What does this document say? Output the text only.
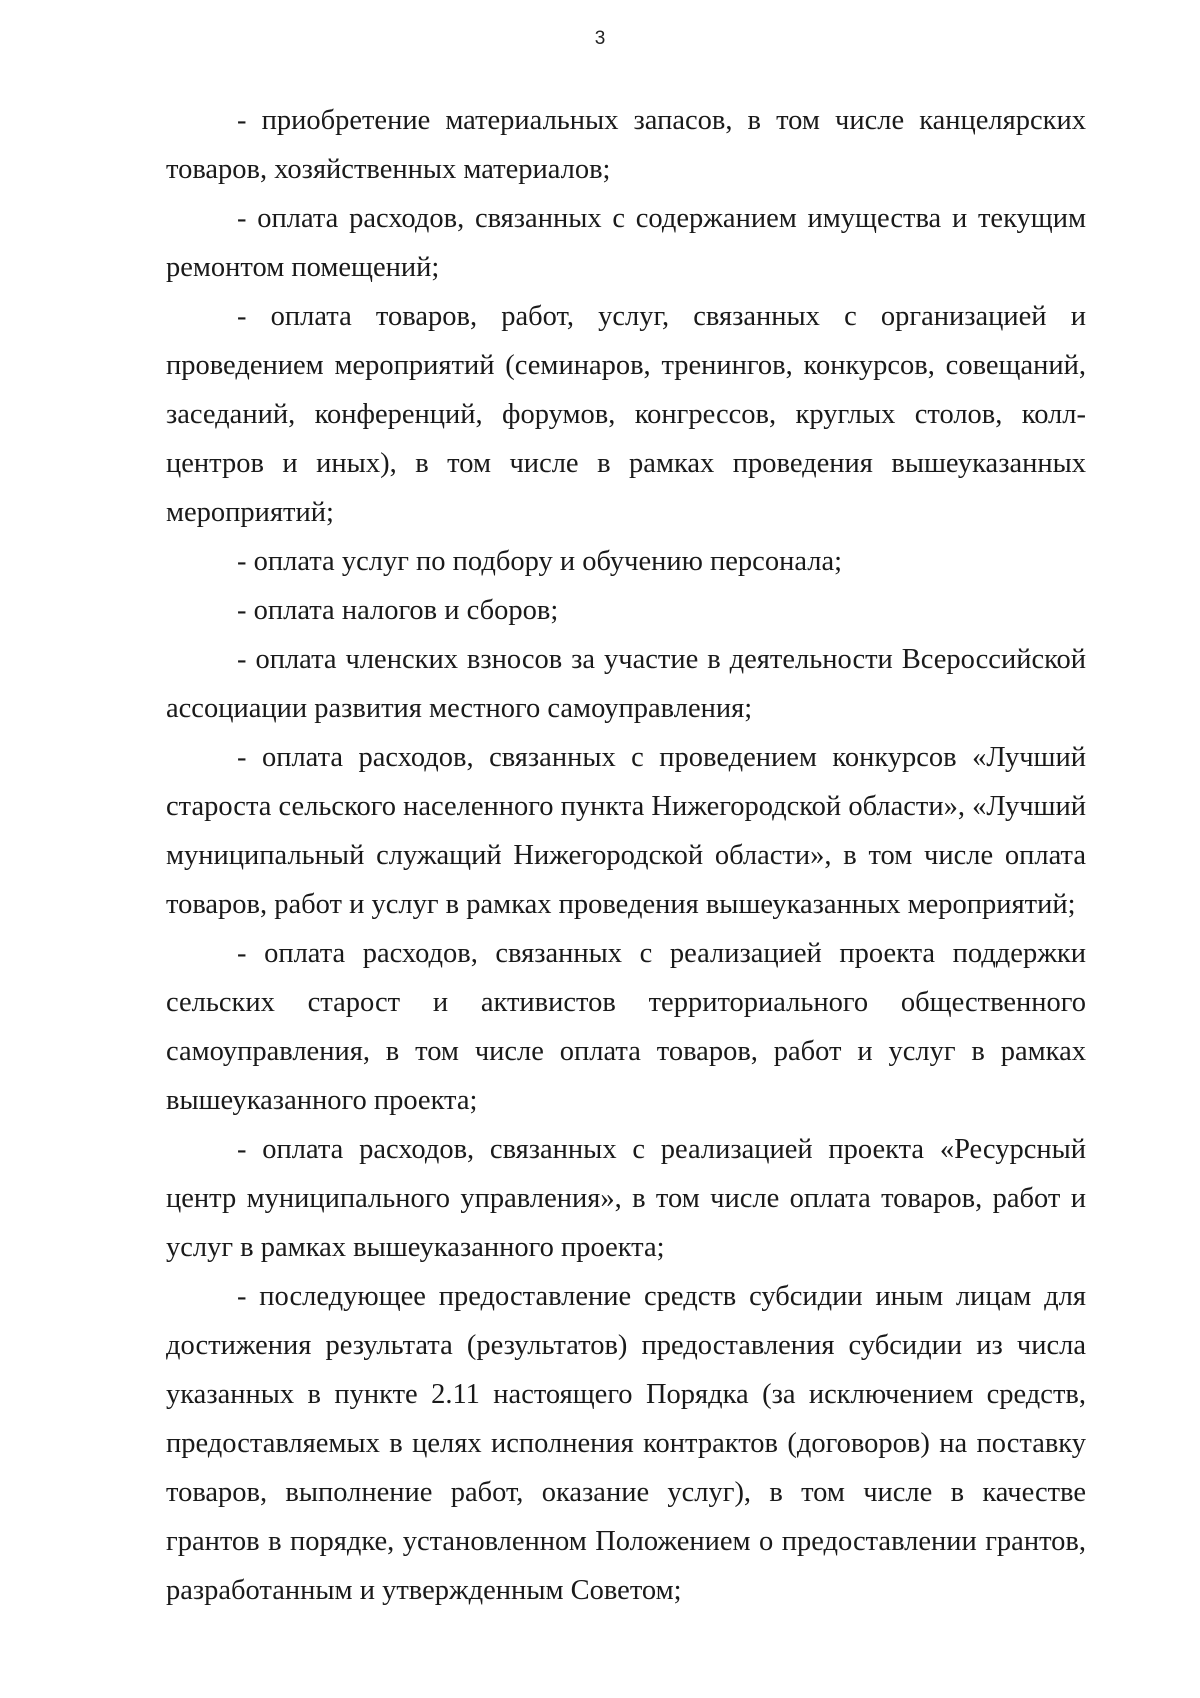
3

- приобретение материальных запасов, в том числе канцелярских товаров, хозяйственных материалов;

- оплата расходов, связанных с содержанием имущества и текущим ремонтом помещений;

- оплата товаров, работ, услуг, связанных с организацией и проведением мероприятий (семинаров, тренингов, конкурсов, совещаний, заседаний, конференций, форумов, конгрессов, круглых столов, колл-центров и иных), в том числе в рамках проведения вышеуказанных мероприятий;

- оплата услуг по подбору и обучению персонала;

- оплата налогов и сборов;

- оплата членских взносов за участие в деятельности Всероссийской ассоциации развития местного самоуправления;

- оплата расходов, связанных с проведением конкурсов «Лучший староста сельского населенного пункта Нижегородской области», «Лучший муниципальный служащий Нижегородской области», в том числе оплата товаров, работ и услуг в рамках проведения вышеуказанных мероприятий;

- оплата расходов, связанных с реализацией проекта поддержки сельских старост и активистов территориального общественного самоуправления, в том числе оплата товаров, работ и услуг в рамках вышеуказанного проекта;

- оплата расходов, связанных с реализацией проекта «Ресурсный центр муниципального управления», в том числе оплата товаров, работ и услуг в рамках вышеуказанного проекта;

- последующее предоставление средств субсидии иным лицам для достижения результата (результатов) предоставления субсидии из числа указанных в пункте 2.11 настоящего Порядка (за исключением средств, предоставляемых в целях исполнения контрактов (договоров) на поставку товаров, выполнение работ, оказание услуг), в том числе в качестве грантов в порядке, установленном Положением о предоставлении грантов, разработанным и утвержденным Советом;
